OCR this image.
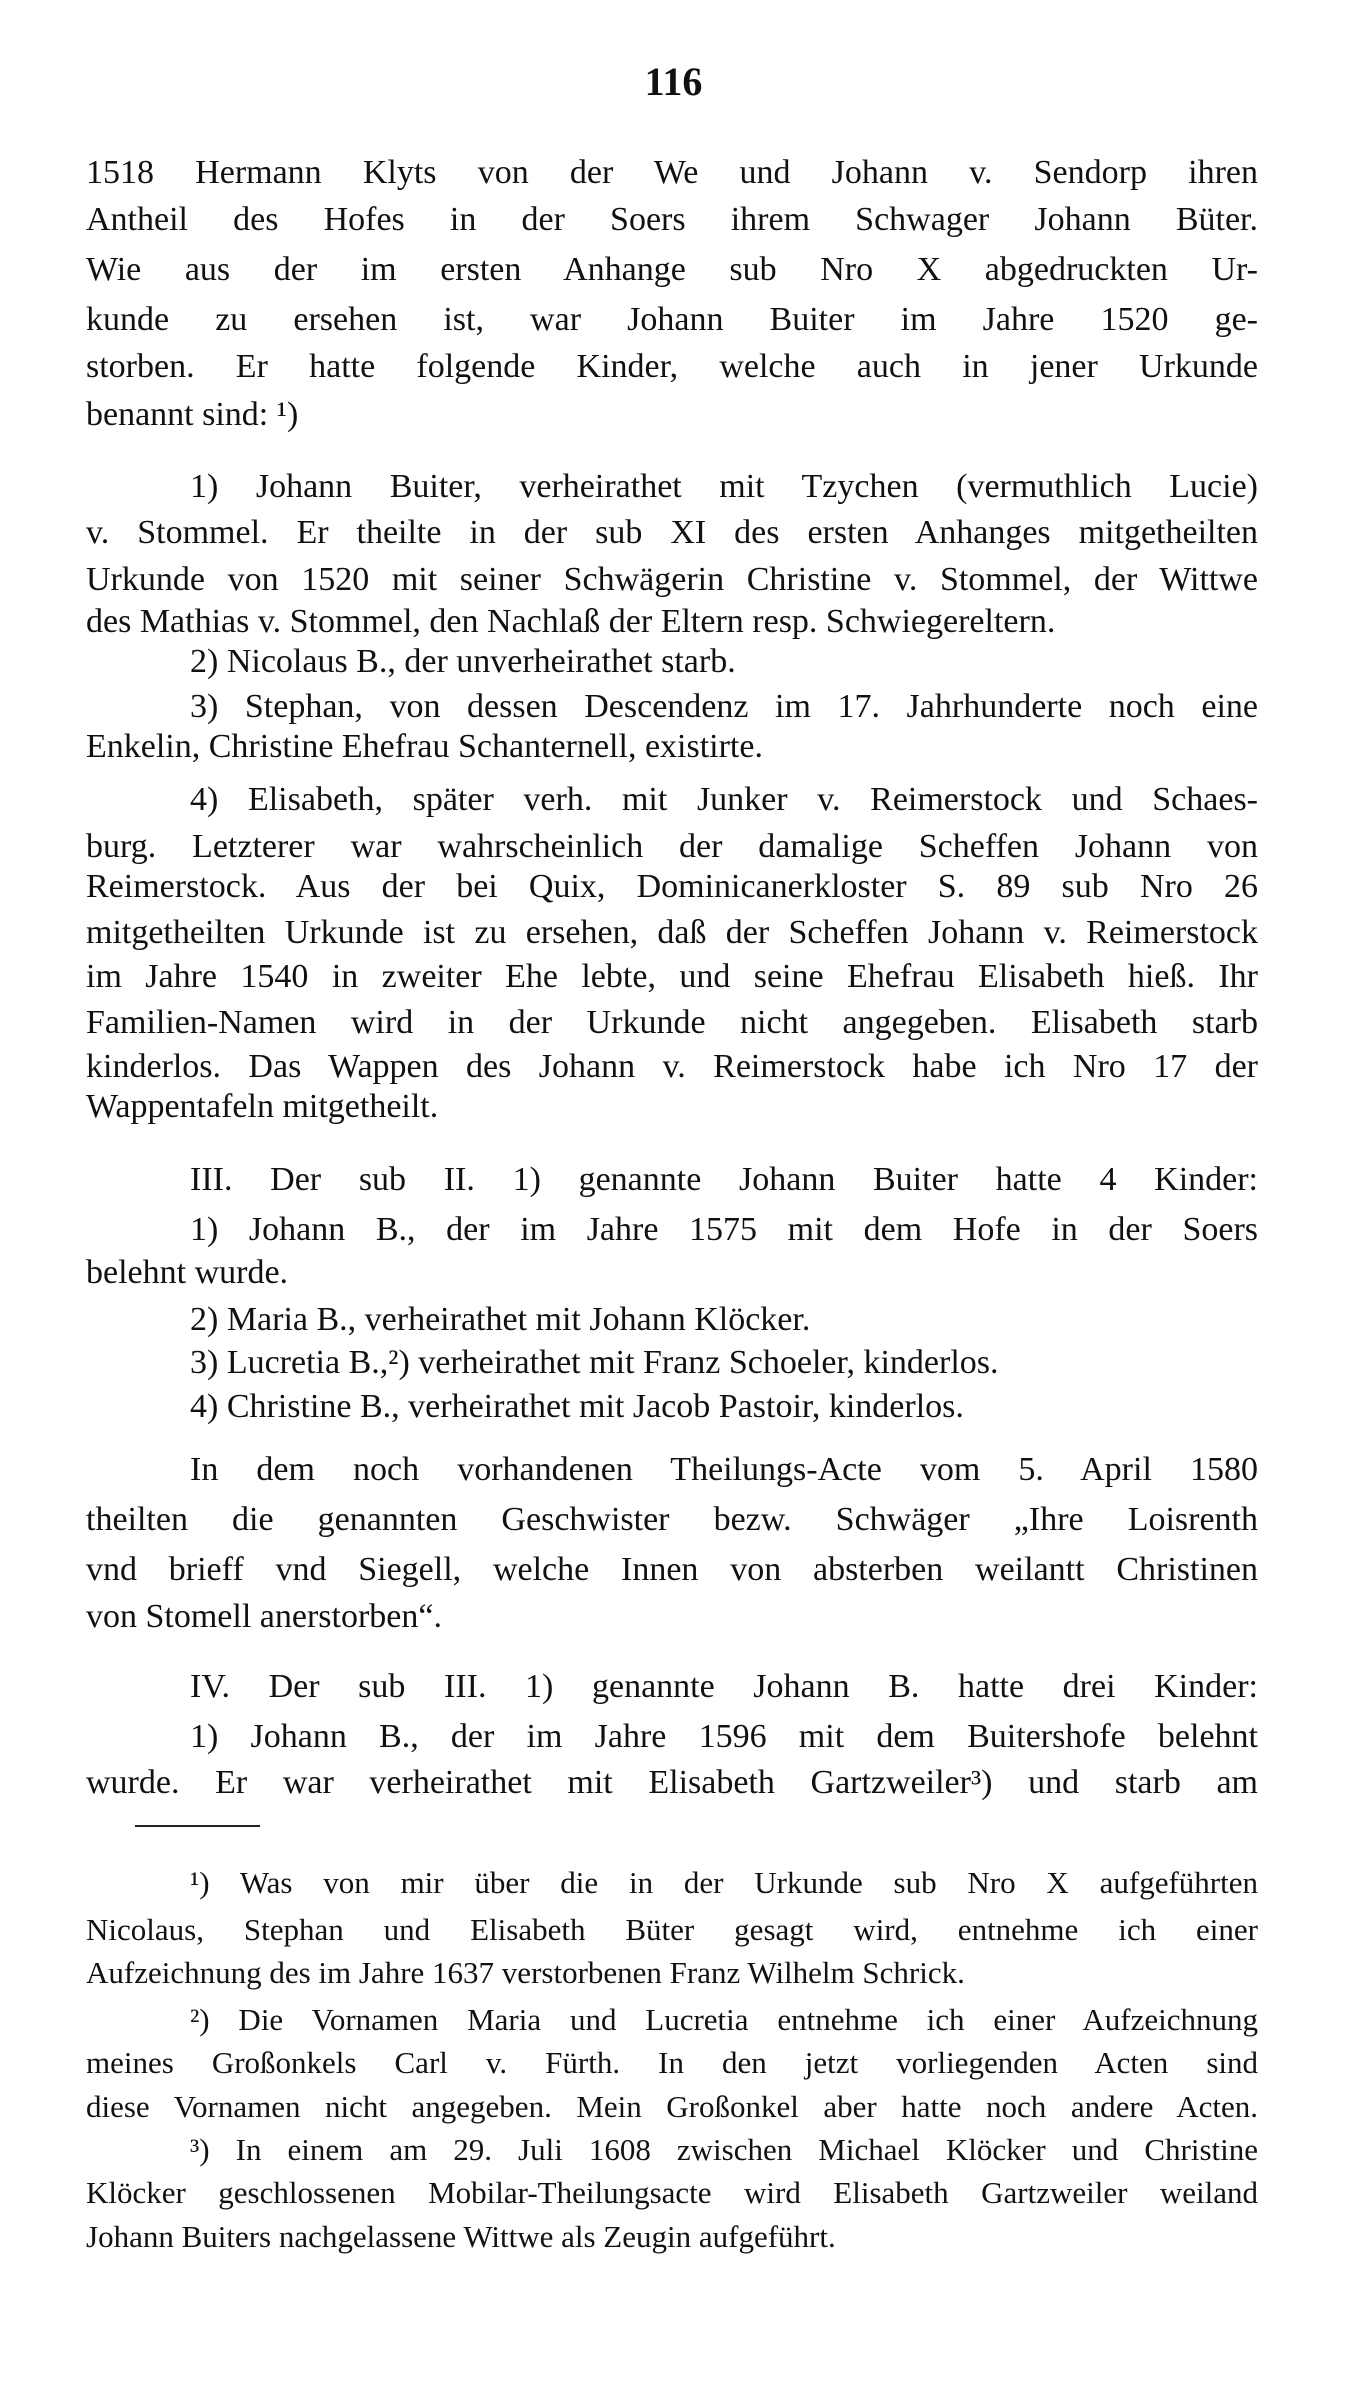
116
1518 Hermann Klyts von der We und Johann v. Sendorp ihren
Antheil des Hofes in der Soers ihrem Schwager Johann Büter.
Wie aus der im ersten Anhange sub Nro X abgedruckten Ur-
kunde zu ersehen ist, war Johann Buiter im Jahre 1520 ge-
storben. Er hatte folgende Kinder, welche auch in jener Urkunde
benannt sind: ¹)
1) Johann Buiter, verheirathet mit Tzychen (vermuthlich Lucie)
v. Stommel. Er theilte in der sub XI des ersten Anhanges mitgetheilten
Urkunde von 1520 mit seiner Schwägerin Christine v. Stommel, der Wittwe
des Mathias v. Stommel, den Nachlaß der Eltern resp. Schwiegereltern.
2) Nicolaus B., der unverheirathet starb.
3) Stephan, von dessen Descendenz im 17. Jahrhunderte noch eine
Enkelin, Christine Ehefrau Schanternell, existirte.
4) Elisabeth, später verh. mit Junker v. Reimerstock und Schaes-
burg. Letzterer war wahrscheinlich der damalige Scheffen Johann von
Reimerstock. Aus der bei Quix, Dominicanerkloster S. 89 sub Nro 26
mitgetheilten Urkunde ist zu ersehen, daß der Scheffen Johann v. Reimerstock
im Jahre 1540 in zweiter Ehe lebte, und seine Ehefrau Elisabeth hieß. Ihr
Familien-Namen wird in der Urkunde nicht angegeben. Elisabeth starb
kinderlos. Das Wappen des Johann v. Reimerstock habe ich Nro 17 der
Wappentafeln mitgetheilt.
III. Der sub II. 1) genannte Johann Buiter hatte 4 Kinder:
1) Johann B., der im Jahre 1575 mit dem Hofe in der Soers
belehnt wurde.
2) Maria B., verheirathet mit Johann Klöcker.
3) Lucretia B.,²) verheirathet mit Franz Schoeler, kinderlos.
4) Christine B., verheirathet mit Jacob Pastoir, kinderlos.
In dem noch vorhandenen Theilungs-Acte vom 5. April 1580
theilten die genannten Geschwister bezw. Schwäger „Ihre Loisrenth
vnd brieff vnd Siegell, welche Innen von absterben weilantt Christinen
von Stomell anerstorben“.
IV. Der sub III. 1) genannte Johann B. hatte drei Kinder:
1) Johann B., der im Jahre 1596 mit dem Buitershofe belehnt
wurde. Er war verheirathet mit Elisabeth Gartzweiler³) und starb am
¹) Was von mir über die in der Urkunde sub Nro X aufgeführten
Nicolaus, Stephan und Elisabeth Büter gesagt wird, entnehme ich einer
Aufzeichnung des im Jahre 1637 verstorbenen Franz Wilhelm Schrick.
²) Die Vornamen Maria und Lucretia entnehme ich einer Aufzeichnung
meines Großonkels Carl v. Fürth. In den jetzt vorliegenden Acten sind
diese Vornamen nicht angegeben. Mein Großonkel aber hatte noch andere Acten.
³) In einem am 29. Juli 1608 zwischen Michael Klöcker und Christine
Klöcker geschlossenen Mobilar-Theilungsacte wird Elisabeth Gartzweiler weiland
Johann Buiters nachgelassene Wittwe als Zeugin aufgeführt.
